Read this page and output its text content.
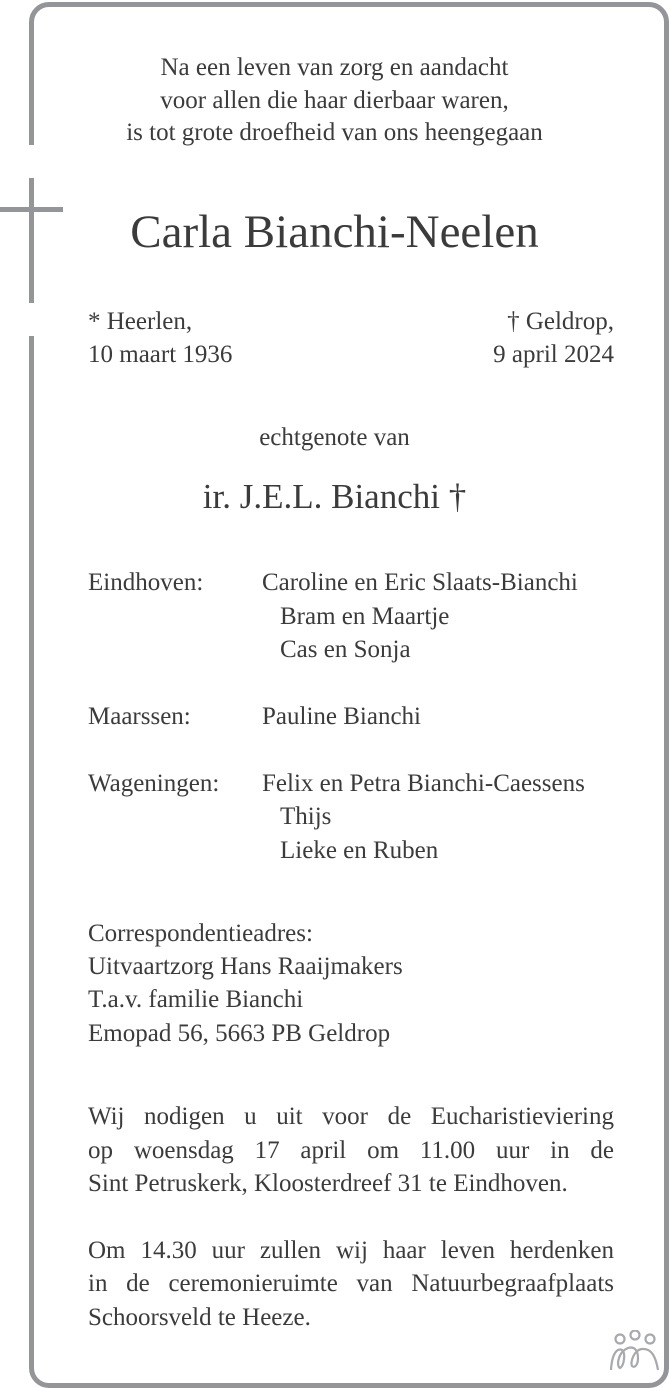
Na een leven van zorg en aandacht
voor allen die haar dierbaar waren,
is tot grote droefheid van ons heengegaan
Carla Bianchi-Neelen
* Heerlen,
10 maart 1936
† Geldrop,
9 april 2024
echtgenote van
ir. J.E.L. Bianchi †
Eindhoven: Caroline en Eric Slaats-Bianchi
Bram en Maartje
Cas en Sonja
Maarssen:	Pauline Bianchi
Wageningen: Felix en Petra Bianchi-Caessens
Thijs
Lieke en Ruben
Correspondentieadres:
Uitvaartzorg Hans Raaijmakers
T.a.v. familie Bianchi
Emopad 56, 5663 PB Geldrop
Wij nodigen u uit voor de Eucharistieviering
op woensdag 17 april om 11.00 uur in de
Sint Petruskerk, Kloosterdreef 31 te Eindhoven.
Om 14.30 uur zullen wij haar leven herdenken
in de ceremonieruimte van Natuurbegraafplaats
Schoorsveld te Heeze.
